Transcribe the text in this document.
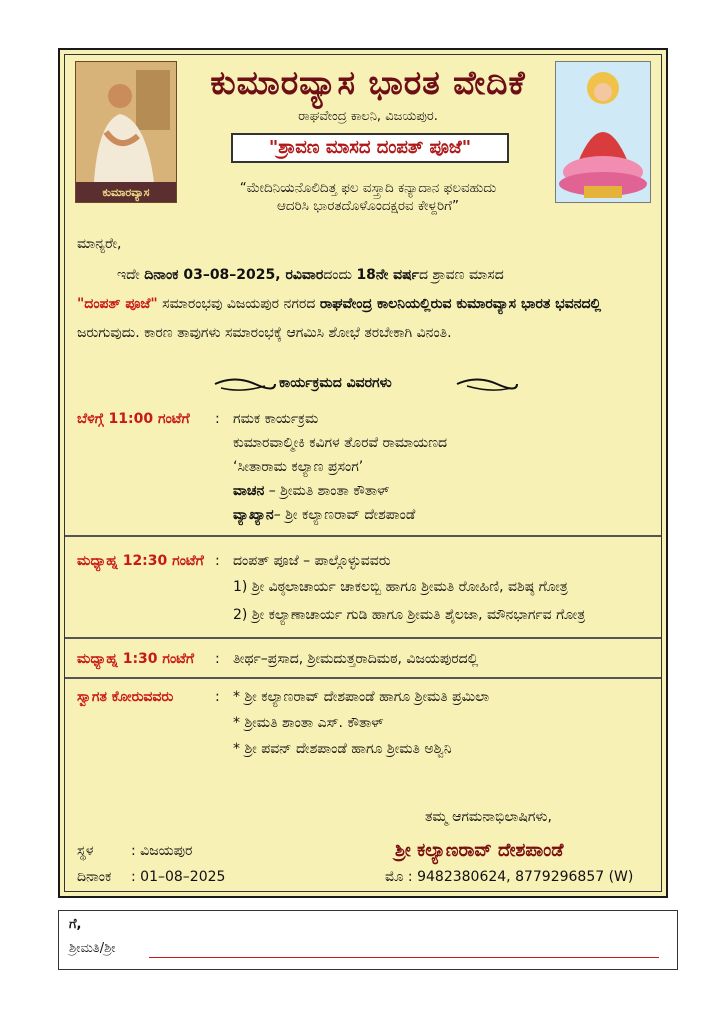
ಕುಮಾರವ್ಯಾಸ
ಕುಮಾರವ್ಯಾಸ ಭಾರತ ವೇದಿಕೆ
ರಾಘವೇಂದ್ರ ಕಾಲನಿ, ವಿಜಯಪುರ.
"ಶ್ರಾವಣ ಮಾಸದ ದಂಪತ್ ಪೂಜೆ"
“ಮೇದಿನಿಯನೊಲಿದಿತ್ತ ಫಲ ವಸ್ತ್ರಾದಿ ಕನ್ಯಾದಾನ ಫಲವಹುದು
ಆದರಿಸಿ ಭಾರತದೊಳೊಂದಕ್ಷರವ ಕೇಳ್ದರಿಗೆ”
ಮಾನ್ಯರೇ,
ಇದೇ ದಿನಾಂಕ 03–08–2025, ರವಿವಾರದಂದು 18ನೇ ವರ್ಷದ ಶ್ರಾವಣ ಮಾಸದ
"ದಂಪತ್ ಪೂಜೆ" ಸಮಾರಂಭವು ವಿಜಯಪುರ ನಗರದ ರಾಘವೇಂದ್ರ ಕಾಲನಿಯಲ್ಲಿರುವ ಕುಮಾರವ್ಯಾಸ ಭಾರತ ಭವನದಲ್ಲಿ ಜರುಗುವುದು. ಕಾರಣ ತಾವುಗಳು ಸಮಾರಂಭಕ್ಕೆ ಆಗಮಿಸಿ ಶೋಭೆ ತರಬೇಕಾಗಿ ವಿನಂತಿ.
ಕಾರ್ಯಕ್ರಮದ ವಿವರಗಳು
ಬೆಳಿಗ್ಗೆ 11:00 ಗಂಟೆಗೆ : ಗಮಕ ಕಾರ್ಯಕ್ರಮ
ಕುಮಾರವಾಲ್ಮೀಕಿ ಕವಿಗಳ ತೊರವೆ ರಾಮಾಯಣದ
‘ಸೀತಾರಾಮ ಕಲ್ಯಾಣ ಪ್ರಸಂಗ’
ವಾಚನ – ಶ್ರೀಮತಿ ಶಾಂತಾ ಕೌತಾಳ್
ವ್ಯಾಖ್ಯಾನ– ಶ್ರೀ ಕಲ್ಯಾಣರಾವ್ ದೇಶಪಾಂಡೆ
ಮಧ್ಯಾಹ್ನ 12:30 ಗಂಟೆಗೆ : ದಂಪತ್ ಪೂಜೆ – ಪಾಲ್ಗೊಳ್ಳುವವರು
1) ಶ್ರೀ ವಿಠ್ಠಲಾಚಾರ್ಯ ಚಾಕಲಬ್ಬಿ ಹಾಗೂ ಶ್ರೀಮತಿ ರೋಹಿಣಿ, ವಶಿಷ್ಠ ಗೋತ್ರ
2) ಶ್ರೀ ಕಲ್ಯಾಣಾಚಾರ್ಯ ಗುಡಿ ಹಾಗೂ ಶ್ರೀಮತಿ ಶೈಲಜಾ, ಮೌನಭಾರ್ಗವ ಗೋತ್ರ
ಮಧ್ಯಾಹ್ನ 1:30 ಗಂಟೆಗೆ : ತೀರ್ಥ–ಪ್ರಸಾದ, ಶ್ರೀಮದುತ್ತರಾದಿಮಠ, ವಿಜಯಪುರದಲ್ಲಿ
ಸ್ವಾಗತ ಕೋರುವವರು	: * ಶ್ರೀ ಕಲ್ಯಾಣರಾವ್ ದೇಶಪಾಂಡೆ ಹಾಗೂ ಶ್ರೀಮತಿ ಪ್ರಮಿಲಾ
* ಶ್ರೀಮತಿ ಶಾಂತಾ ಎಸ್. ಕೌತಾಳ್
* ಶ್ರೀ ಪವನ್ ದೇಶಪಾಂಡೆ ಹಾಗೂ ಶ್ರೀಮತಿ ಅಶ್ವಿನಿ
ತಮ್ಮ ಆಗಮನಾಭಿಲಾಷಿಗಳು,
ಶ್ರೀ ಕಲ್ಯಾಣರಾವ್ ದೇಶಪಾಂಡೆ
ಸ್ಥಳ	: ವಿಜಯಪುರ
ದಿನಾಂಕ : 01–08–2025	ಮೊ : 9482380624, 8779296857 (W)
ಗೆ,
ಶ್ರೀಮತಿ/ಶ್ರೀ
